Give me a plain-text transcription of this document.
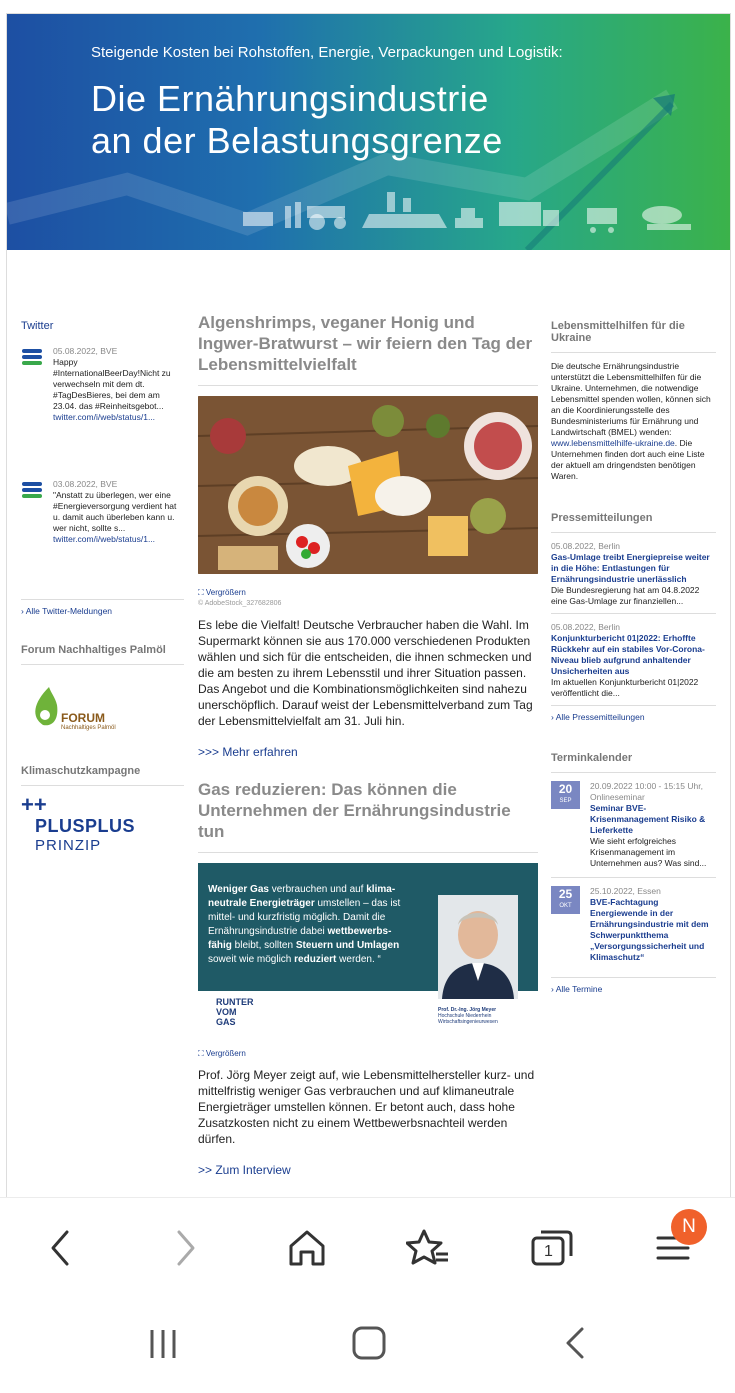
Steigende Kosten bei Rohstoffen, Energie, Verpackungen und Logistik:
Die Ernährungsindustrie
an der Belastungsgrenze
Twitter
05.08.2022, BVE
Happy #InternationalBeerDay!Nicht zu verwechseln mit dem dt. #TagDesBieres, bei dem am 23.04. das #Reinheitsgebot...
twitter.com/i/web/status/1...
03.08.2022, BVE
"Anstatt zu überlegen, wer eine #Energieversorgung verdient hat u. damit auch überleben kann u. wer nicht, sollte s...
twitter.com/i/web/status/1...
› Alle Twitter-Meldungen
Forum Nachhaltiges Palmöl
FORUM
Nachhaltiges Palmöl
Klimaschutzkampagne
++
PLUSPLUS
PRINZIP
Algenshrimps, veganer Honig und Ingwer-Bratwurst – wir feiern den Tag der Lebensmittelvielfalt
⛶ Vergrößern
© AdobeStock_327682806
Es lebe die Vielfalt! Deutsche Verbraucher haben die Wahl. Im Supermarkt können sie aus 170.000 verschiedenen Produkten wählen und sich für die entscheiden, die ihnen schmecken und die am besten zu ihrem Lebensstil und ihrer Situation passen. Das Angebot und die Kombinationsmöglichkeiten sind nahezu unerschöpflich. Darauf weist der Lebensmittelverband zum Tag der Lebensmittelvielfalt am 31. Juli hin.
>>> Mehr erfahren
Gas reduzieren: Das können die Unternehmen der Ernährungsindustrie tun
Weniger Gas verbrauchen und auf klima-
neutrale Energieträger umstellen – das ist
mittel- und kurzfristig möglich. Damit die
Ernährungsindustrie dabei wettbewerbs-
fähig bleibt, sollten Steuern und Umlagen
soweit wie möglich reduziert werden. “
RUNTER
VOM
GAS
Prof. Dr.-Ing. Jörg Meyer
Hochschule Niederrhein
Wirtschaftsingenieurwesen
⛶ Vergrößern
Prof. Jörg Meyer zeigt auf, wie Lebensmittelhersteller kurz- und mittelfristig weniger Gas verbrauchen und auf klimaneutrale Energieträger umstellen können. Er betont auch, dass hohe Zusatzkosten nicht zu einem Wettbewerbsnachteil werden dürfen.
>> Zum Interview
Lebensmittelhilfen für die Ukraine
Die deutsche Ernährungsindustrie unterstützt die Lebensmittelhilfen für die Ukraine. Unternehmen, die notwendige Lebensmittel spenden wollen, können sich an die Koordinierungsstelle des Bundesministeriums für Ernährung und Landwirtschaft (BMEL) wenden: www.lebensmittelhilfe-ukraine.de. Die Unternehmen finden dort auch eine Liste der aktuell am dringendsten benötigen Waren.
Pressemitteilungen
05.08.2022, Berlin
Gas-Umlage treibt Energiepreise weiter in die Höhe: Entlastungen für Ernährungsindustrie unerlässlich
Die Bundesregierung hat am 04.8.2022 eine Gas-Umlage zur finanziellen...
05.08.2022, Berlin
Konjunkturbericht 01|2022: Erhoffte Rückkehr auf ein stabiles Vor-Corona-Niveau blieb aufgrund anhaltender Unsicherheiten aus
Im aktuellen Konjunkturbericht 01|2022 veröffentlicht die...
› Alle Pressemitteilungen
Terminkalender
20
SEP
20.09.2022 10:00 - 15:15 Uhr, Onlineseminar
Seminar BVE-Krisenmanagement Risiko & Lieferkette
Wie sieht erfolgreiches Krisenmanagement im Unternehmen aus? Was sind...
25
OKT
25.10.2022, Essen
BVE-Fachtagung Energiewende in der Ernährungsindustrie mit dem Schwerpunktthema „Versorgungssicherheit und Klimaschutz“
› Alle Termine
1
N
